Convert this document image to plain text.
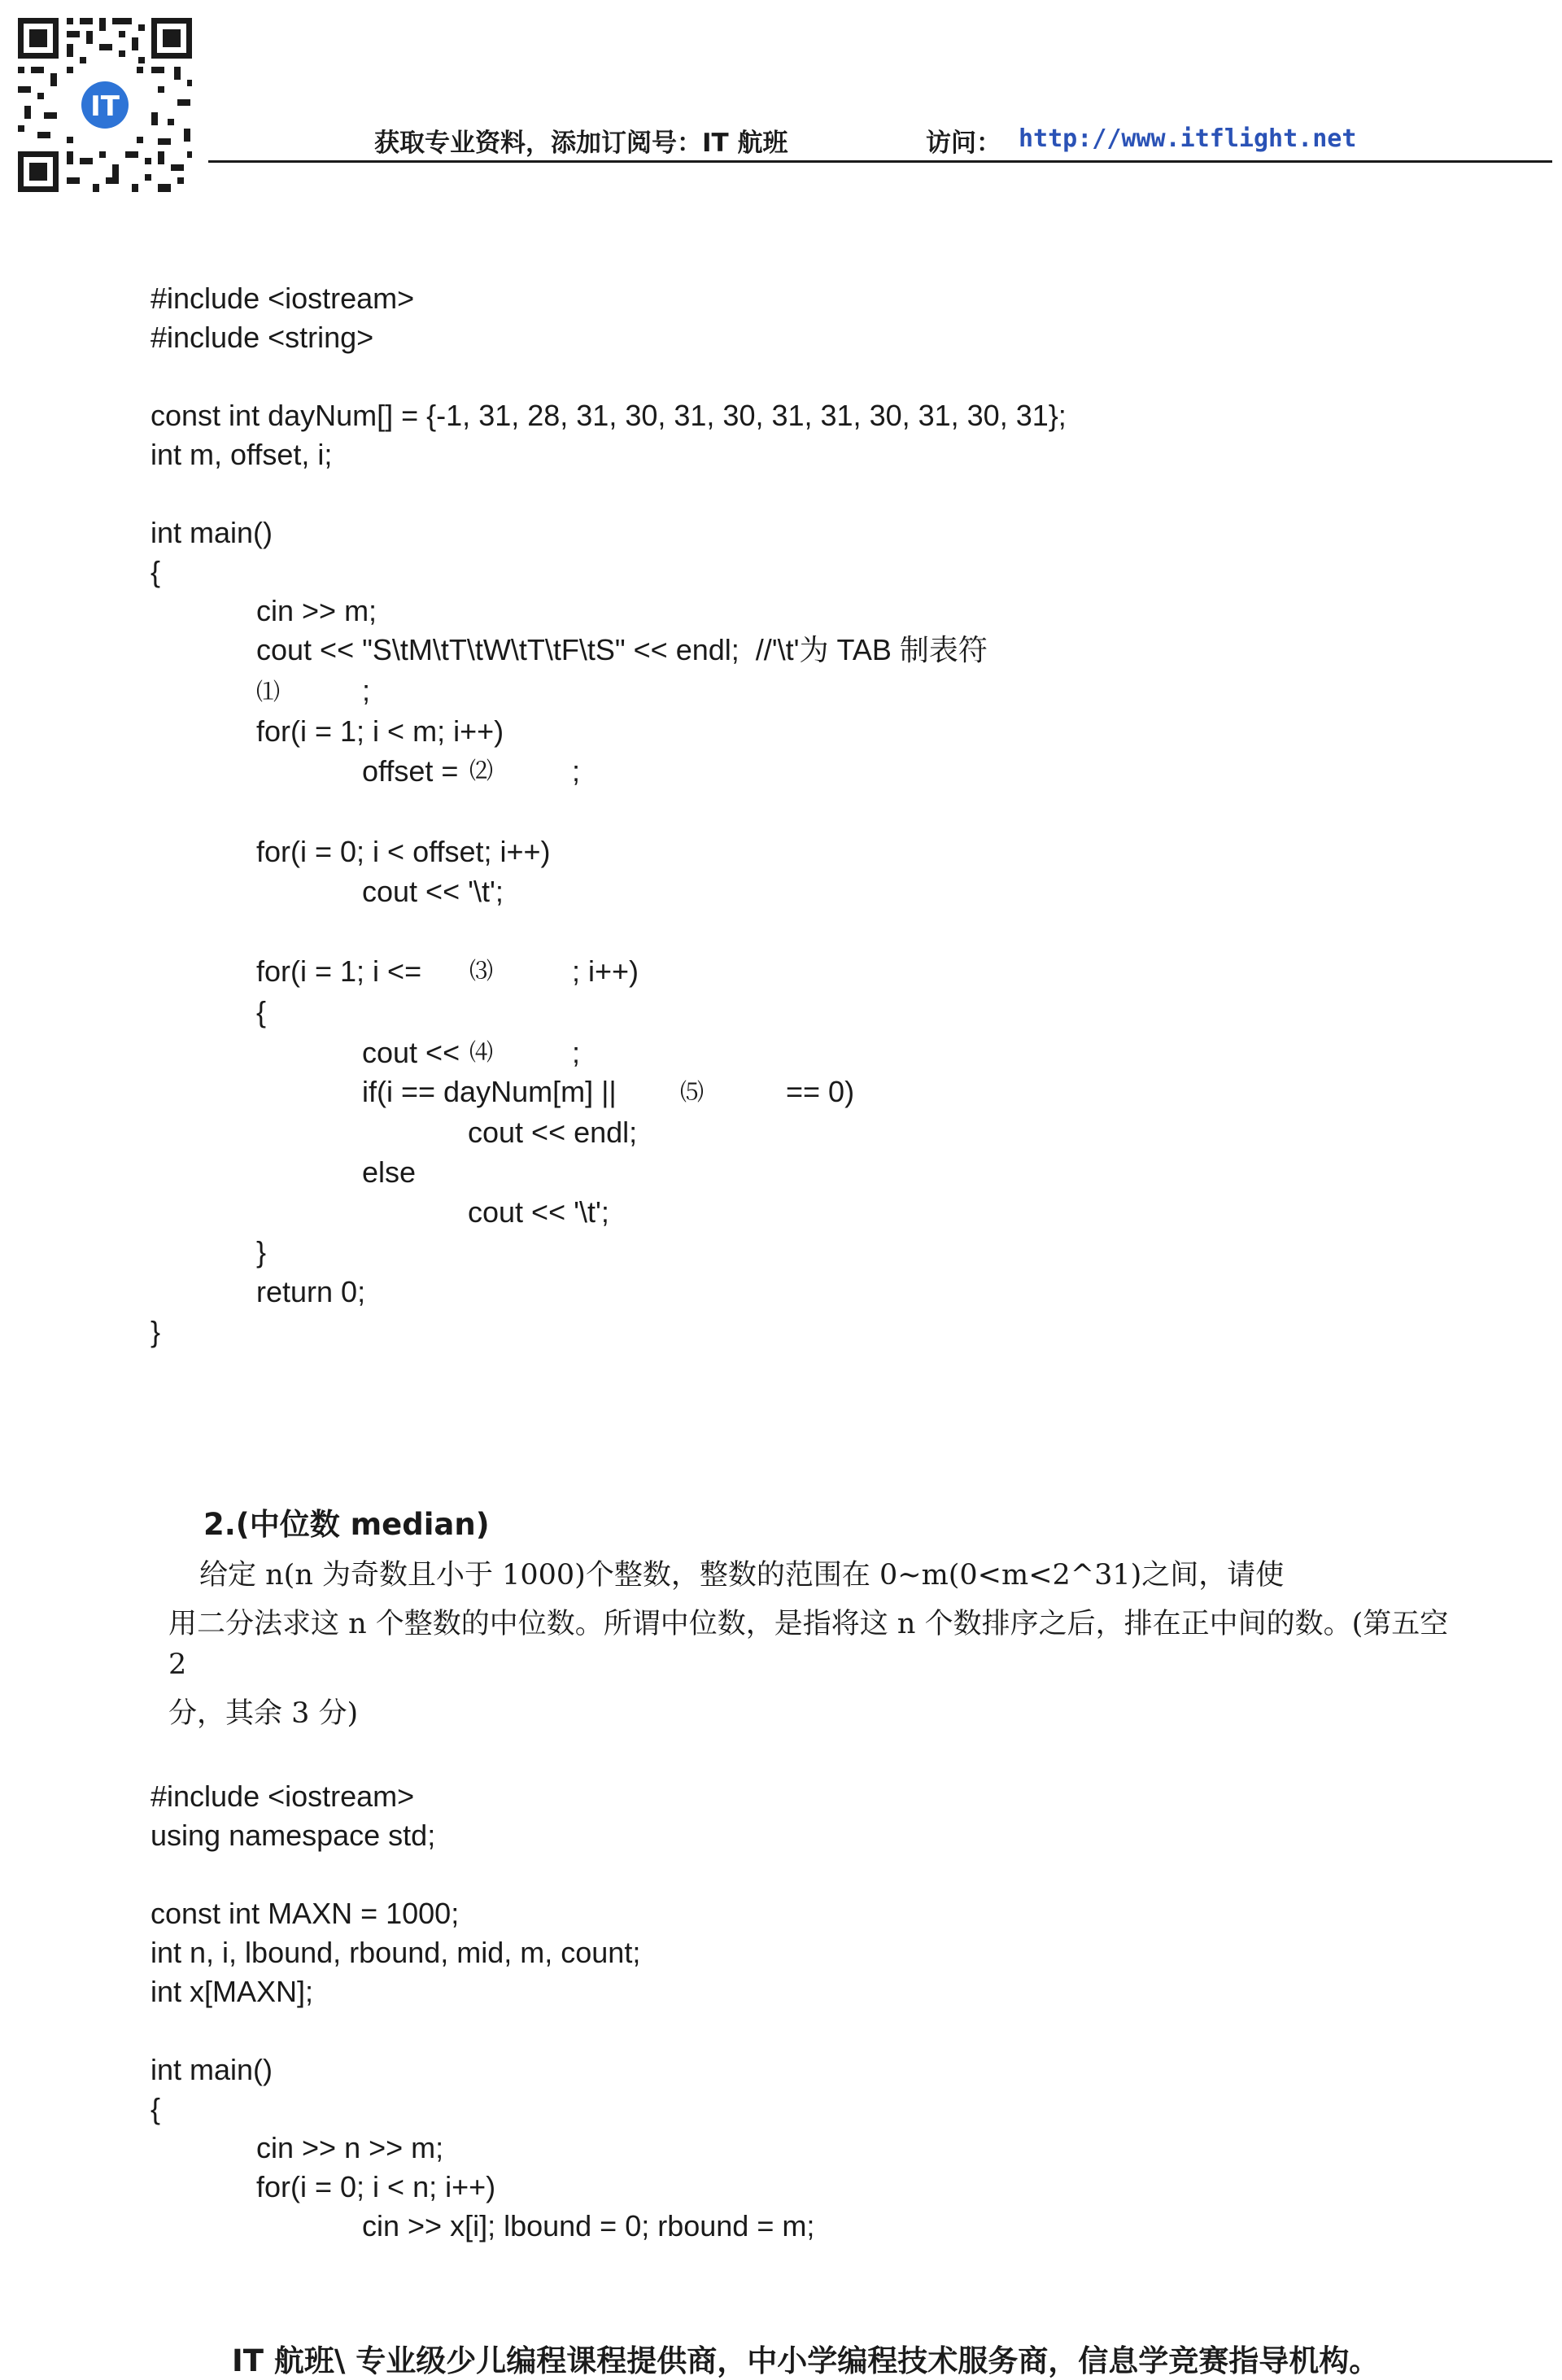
IT
获取专业资料，添加订阅号：IT 航班	访问： http://www.itflight.net
#include <iostream>
#include <string>
const int dayNum[] = {-1, 31, 28, 31, 30, 31, 30, 31, 31, 30, 31, 30, 31};
int m, offset, i;
int main()
{
cin >> m;
cout << "S\tM\tT\tW\tT\tF\tS" << endl;  //'\t'为 TAB 制表符
⑴	;
for(i = 1; i < m; i++)
offset = ⑵	;
for(i = 0; i < offset; i++)
cout << '\t';
for(i = 1; i <= ⑶	; i++)
{
cout << ⑷	;
if(i == dayNum[m] ||	⑸	== 0)
cout << endl;
else
cout << '\t';
}
return 0;
}
2.(中位数 median)
给定 n(n 为奇数且小于 1000)个整数，整数的范围在 0~m(0<m<2^31)之间，请使
用二分法求这 n 个整数的中位数。所谓中位数，是指将这 n 个数排序之后，排在正中间的数。(第五空
2
分，其余 3 分)
#include <iostream>
using namespace std;
const int MAXN = 1000;
int n, i, lbound, rbound, mid, m, count;
int x[MAXN];
int main()
{
cin >> n >> m;
for(i = 0; i < n; i++)
cin >> x[i]; lbound = 0; rbound = m;
IT 航班\ 专业级少儿编程课程提供商，中小学编程技术服务商，信息学竞赛指导机构。
